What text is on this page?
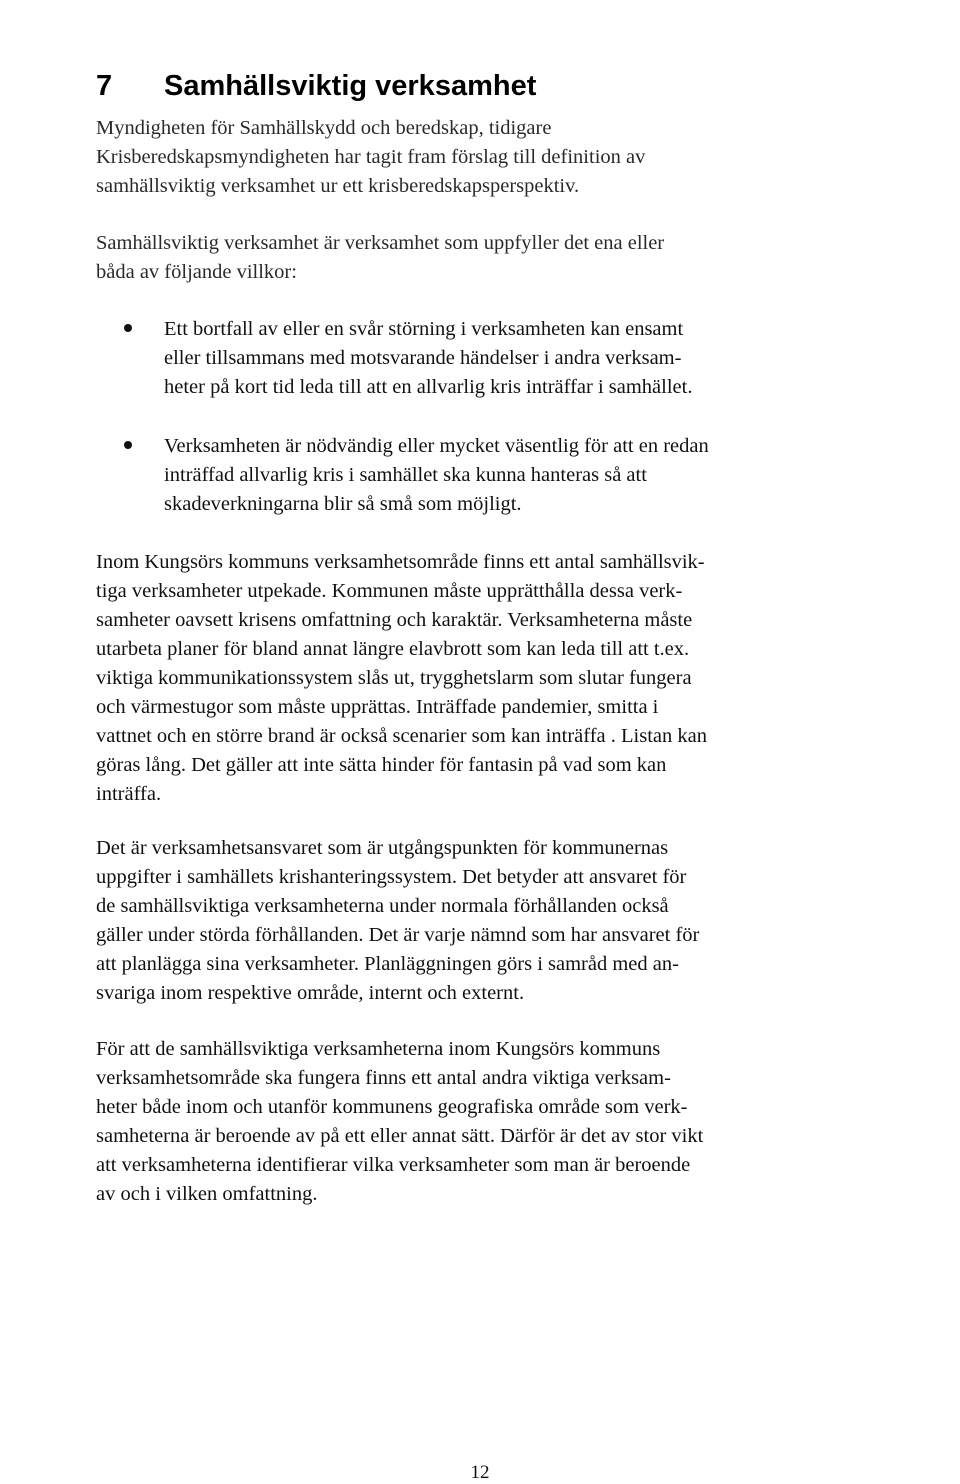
7 Samhällsviktig verksamhet

Myndigheten för Samhällskydd och beredskap, tidigare
Krisberedskapsmyndigheten har tagit fram förslag till definition av
samhällsviktig verksamhet ur ett krisberedskapsperspektiv.

Samhällsviktig verksamhet är verksamhet som uppfyller det ena eller
båda av följande villkor:

Ett bortfall av eller en svår störning i verksamheten kan ensamt
eller tillsammans med motsvarande händelser i andra verksam-
heter på kort tid leda till att en allvarlig kris inträffar i samhället.
Verksamheten är nödvändig eller mycket väsentlig för att en redan
inträffad allvarlig kris i samhället ska kunna hanteras så att
skadeverkningarna blir så små som möjligt.

Inom Kungsörs kommuns verksamhetsområde finns ett antal samhällsvik-
tiga verksamheter utpekade. Kommunen måste upprätthålla dessa verk-
samheter oavsett krisens omfattning och karaktär. Verksamheterna måste
utarbeta planer för bland annat längre elavbrott som kan leda till att t.ex.
viktiga kommunikationssystem slås ut, trygghetslarm som slutar fungera
och värmestugor som måste upprättas. Inträffade pandemier, smitta i
vattnet och en större brand är också scenarier som kan inträffa . Listan kan
göras lång. Det gäller att inte sätta hinder för fantasin på vad som kan
inträffa.

Det är verksamhetsansvaret som är utgångspunkten för kommunernas
uppgifter i samhällets krishanteringssystem. Det betyder att ansvaret för
de samhällsviktiga verksamheterna under normala förhållanden också
gäller under störda förhållanden. Det är varje nämnd som har ansvaret för
att planlägga sina verksamheter. Planläggningen görs i samråd med an-
svariga inom respektive område, internt och externt.

För att de samhällsviktiga verksamheterna inom Kungsörs kommuns
verksamhetsområde ska fungera finns ett antal andra viktiga verksam-
heter både inom och utanför kommunens geografiska område som verk-
samheterna är beroende av på ett eller annat sätt. Därför är det av stor vikt
att verksamheterna identifierar vilka verksamheter som man är beroende
av och i vilken omfattning.

12
